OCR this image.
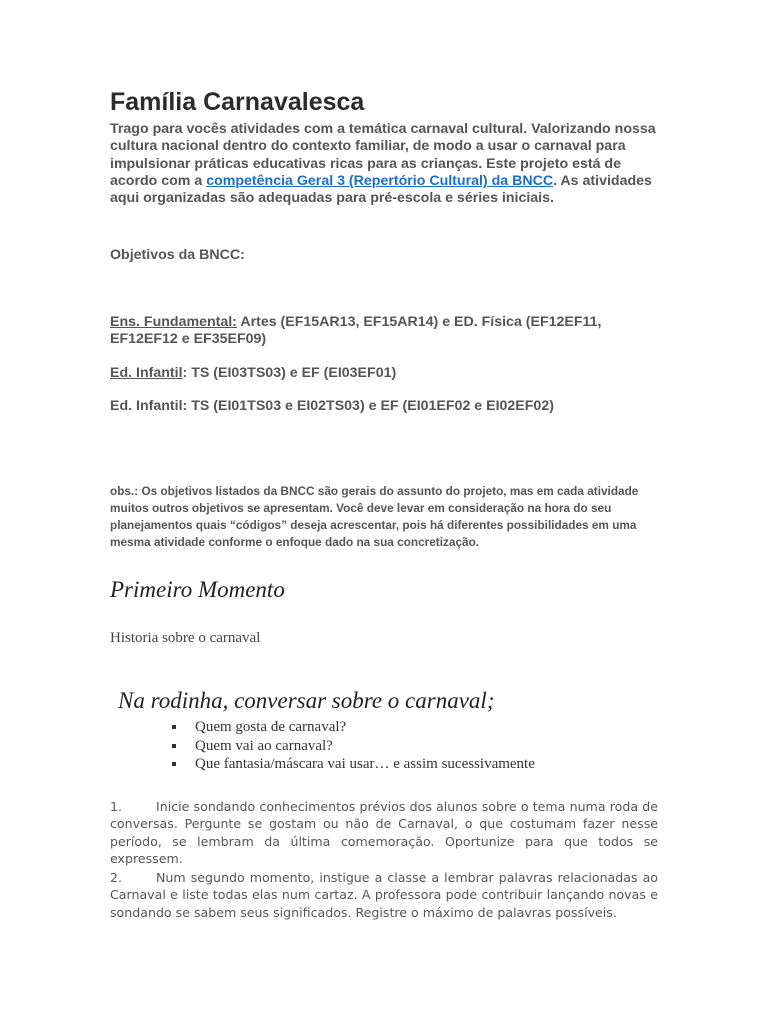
Família Carnavalesca

Trago para vocês atividades com a temática carnaval cultural. Valorizando nossa cultura nacional dentro do contexto familiar, de modo a usar o carnaval para impulsionar práticas educativas ricas para as crianças. Este projeto está de acordo com a competência Geral 3 (Repertório Cultural) da BNCC. As atividades aqui organizadas são adequadas para pré-escola e séries iniciais.

Objetivos da BNCC:

Ens. Fundamental: Artes (EF15AR13, EF15AR14) e ED. Física (EF12EF11, EF12EF12 e EF35EF09)

Ed. Infantil: TS (EI03TS03) e EF (EI03EF01)

Ed. Infantil: TS (EI01TS03 e EI02TS03) e EF (EI01EF02 e EI02EF02)

obs.: Os objetivos listados da BNCC são gerais do assunto do projeto, mas em cada atividade muitos outros objetivos se apresentam. Você deve levar em consideração na hora do seu planejamentos quais “códigos” deseja acrescentar, pois há diferentes possibilidades em uma mesma atividade conforme o enfoque dado na sua concretização.

Primeiro Momento

Historia sobre o carnaval

Na rodinha, conversar sobre o carnaval;
Quem gosta de carnaval?
Quem vai ao carnaval?
Que fantasia/máscara vai usar… e assim sucessivamente

1.	Inicie sondando conhecimentos prévios dos alunos sobre o tema numa roda de conversas. Pergunte se gostam ou não de Carnaval, o que costumam fazer nesse período, se lembram da última comemoração. Oportunize para que todos se expressem.

2.	Num segundo momento, instigue a classe a lembrar palavras relacionadas ao Carnaval e liste todas elas num cartaz. A professora pode contribuir lançando novas e sondando se sabem seus significados. Registre o máximo de palavras possíveis.
